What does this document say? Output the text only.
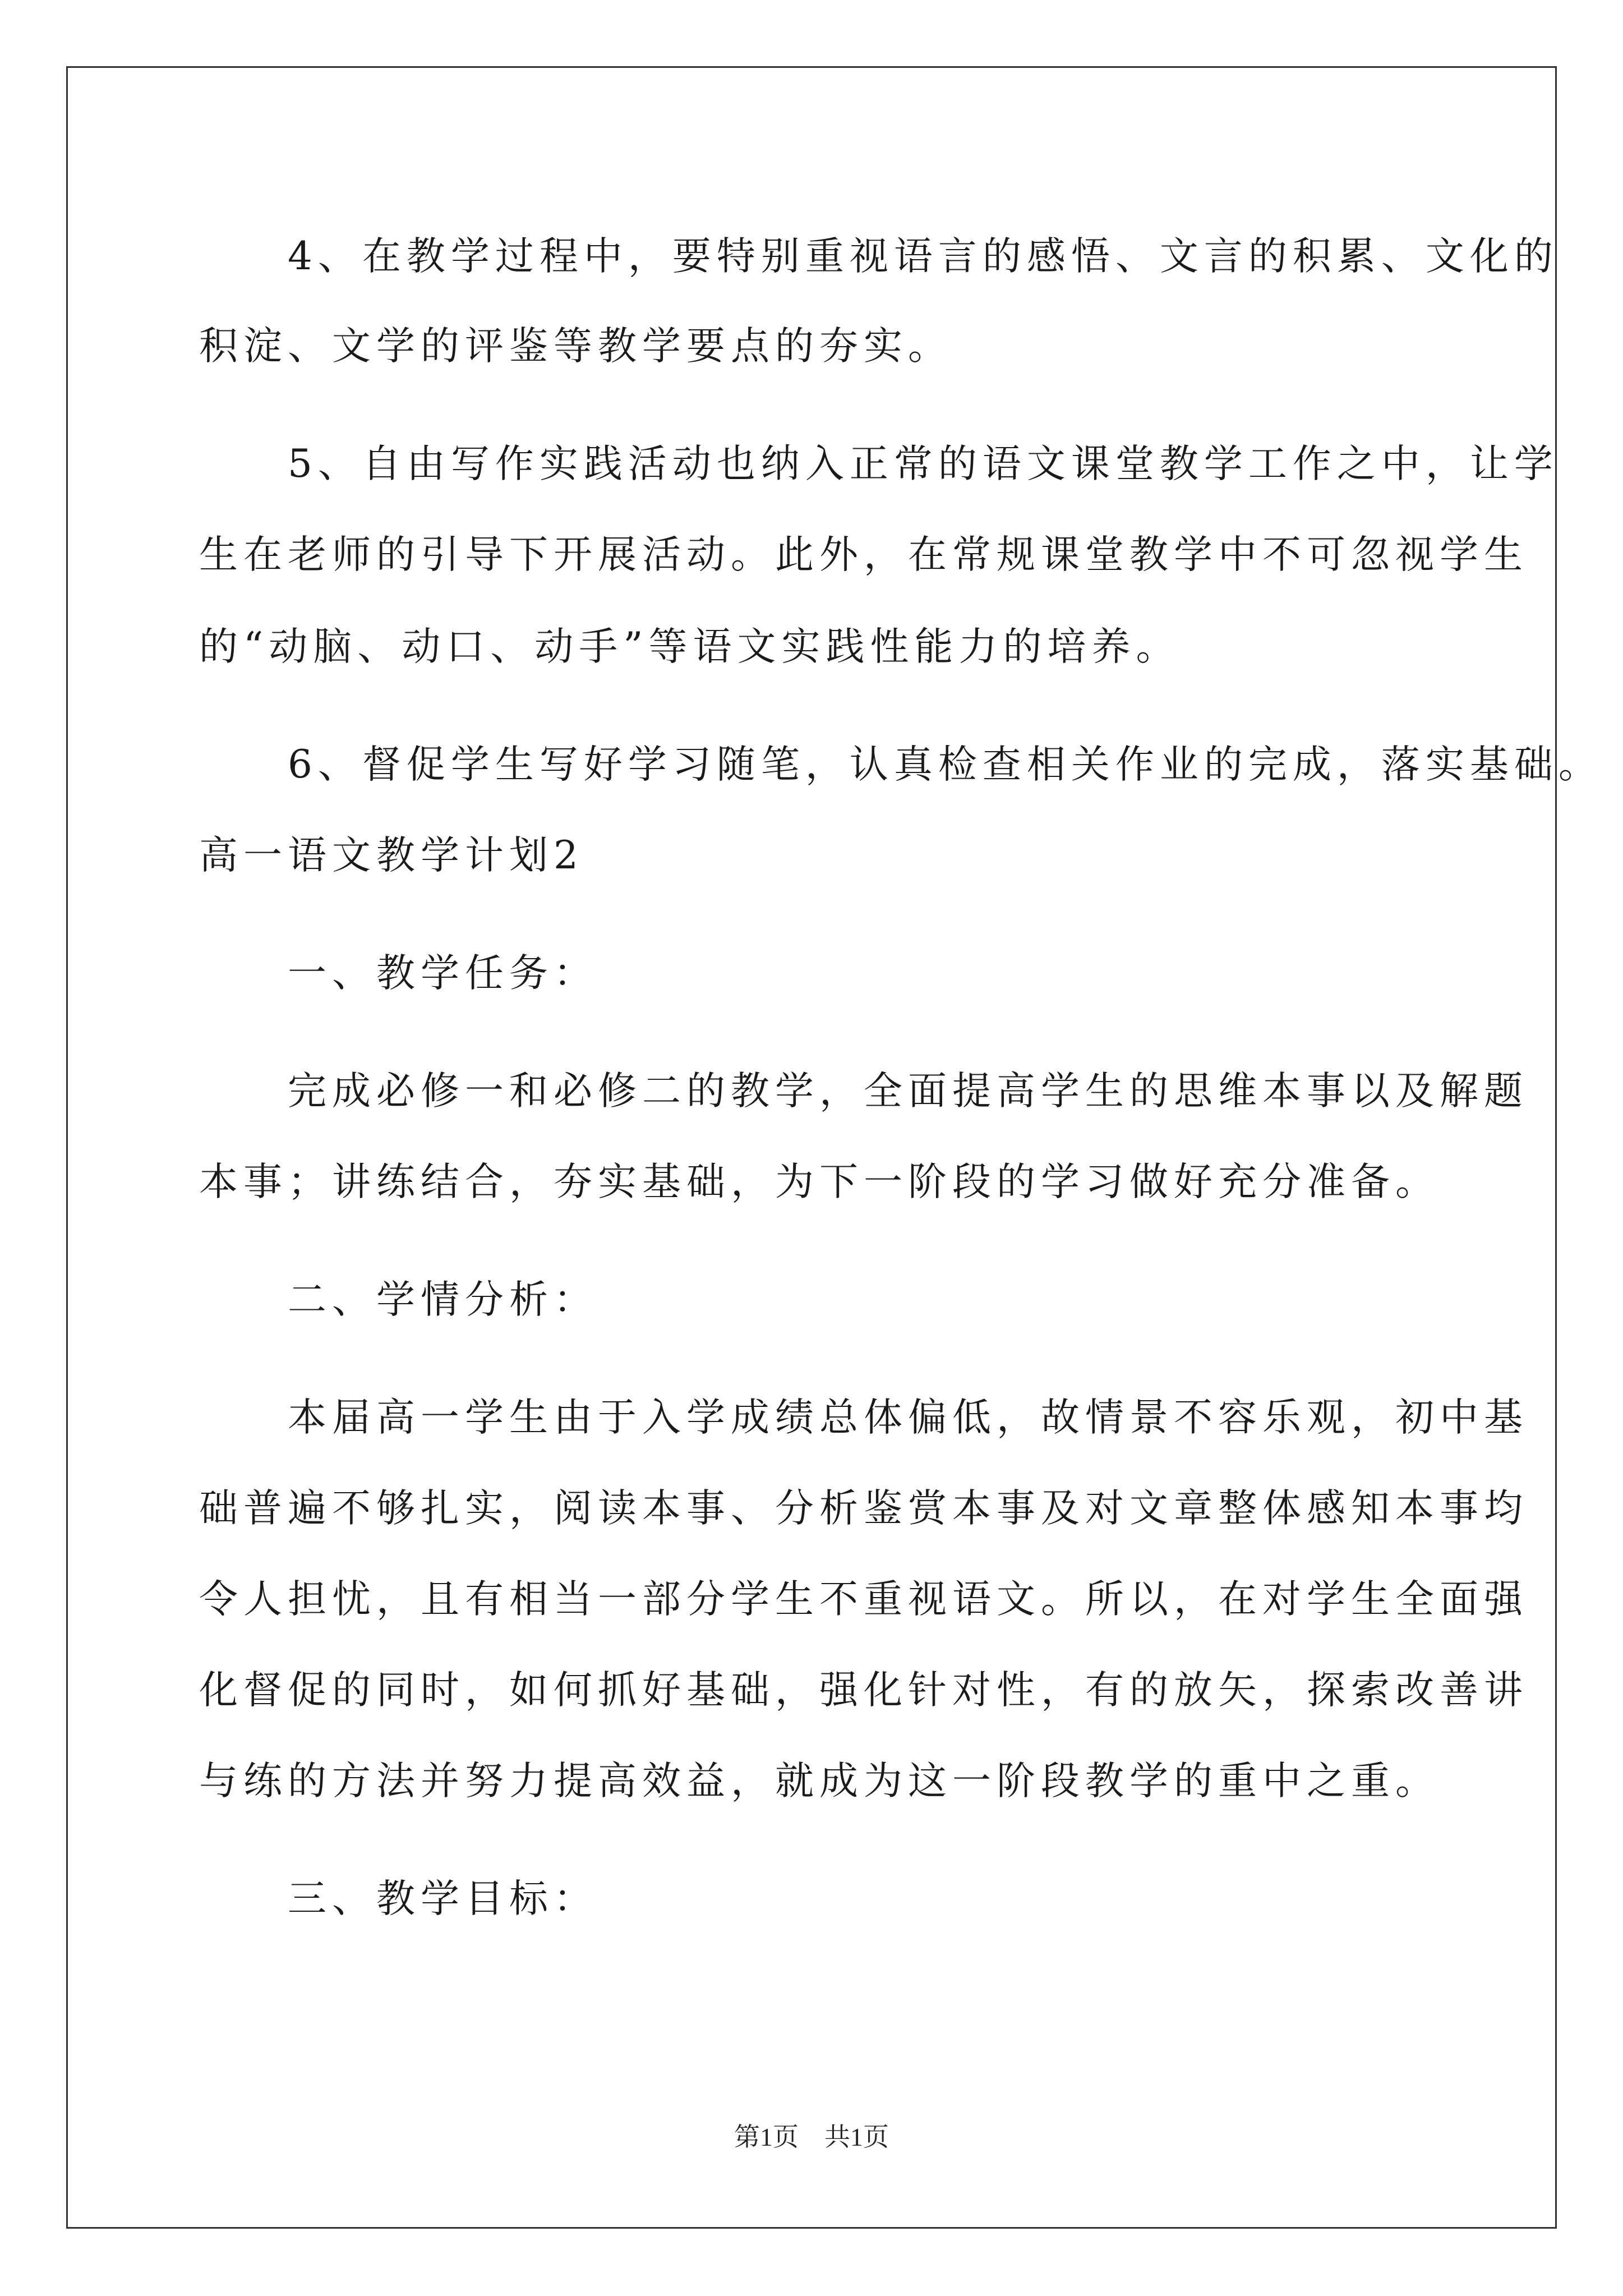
　　4、在教学过程中，要特别重视语言的感悟、文言的积累、文化的
积淀、文学的评鉴等教学要点的夯实。
　　5、自由写作实践活动也纳入正常的语文课堂教学工作之中，让学
生在老师的引导下开展活动。此外，在常规课堂教学中不可忽视学生
的“动脑、动口、动手”等语文实践性能力的培养。
　　6、督促学生写好学习随笔，认真检查相关作业的完成，落实基础。
高一语文教学计划2
　　一、教学任务：
　　完成必修一和必修二的教学，全面提高学生的思维本事以及解题
本事；讲练结合，夯实基础，为下一阶段的学习做好充分准备。
　　二、学情分析：
　　本届高一学生由于入学成绩总体偏低，故情景不容乐观，初中基
础普遍不够扎实，阅读本事、分析鉴赏本事及对文章整体感知本事均
令人担忧，且有相当一部分学生不重视语文。所以，在对学生全面强
化督促的同时，如何抓好基础，强化针对性，有的放矢，探索改善讲
与练的方法并努力提高效益，就成为这一阶段教学的重中之重。
　　三、教学目标：
第1页　共1页
